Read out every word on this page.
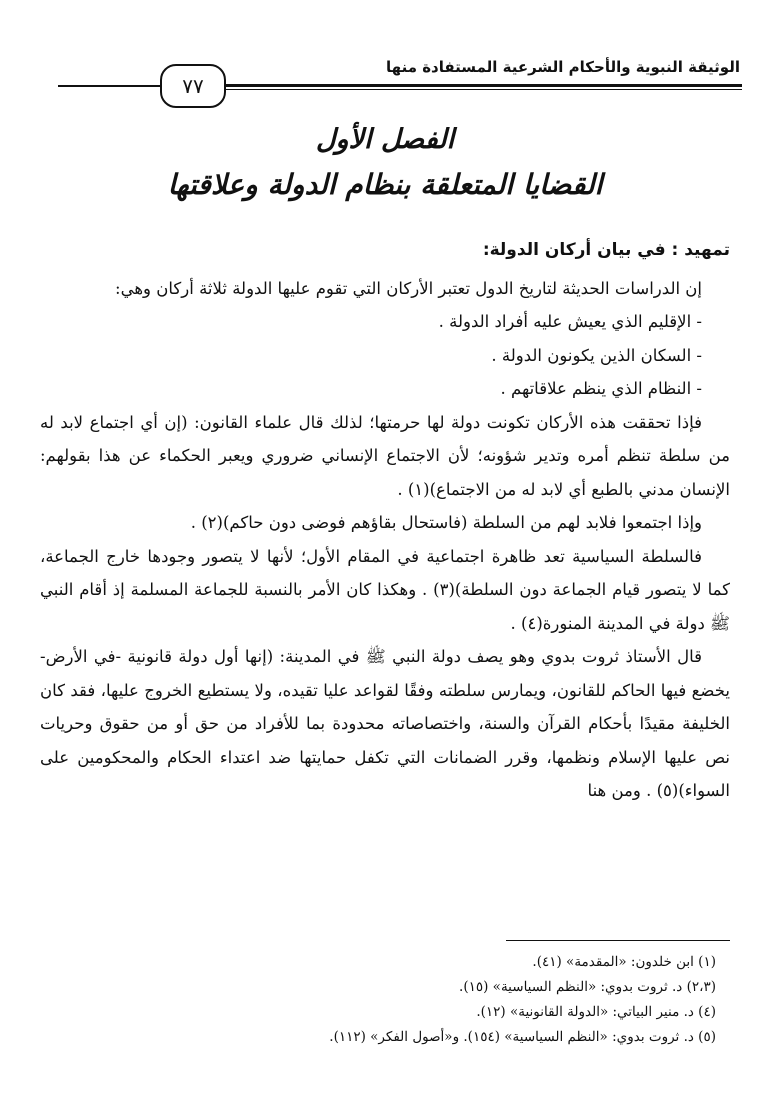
الوثيقة النبوية والأحكام الشرعية المستفادة منها
٧٧
الفصل الأول
القضايا المتعلقة بنظام الدولة وعلاقتها

تمهيد : في بيان أركان الدولة:

إن الدراسات الحديثة لتاريخ الدول تعتبر الأركان التي تقوم عليها الدولة ثلاثة أركان وهي:

- الإقليم الذي يعيش عليه أفراد الدولة .

- السكان الذين يكونون الدولة .

- النظام الذي ينظم علاقاتهم .

فإذا تحققت هذه الأركان تكونت دولة لها حرمتها؛ لذلك قال علماء القانون: (إن أي اجتماع لابد له من سلطة تنظم أمره وتدير شؤونه؛ لأن الاجتماع الإنساني ضروري ويعبر الحكماء عن هذا بقولهم: الإنسان مدني بالطبع أي لابد له من الاجتماع)(١) .

وإذا اجتمعوا فلابد لهم من السلطة (فاستحال بقاؤهم فوضى دون حاكم)(٢) .

فالسلطة السياسية تعد ظاهرة اجتماعية في المقام الأول؛ لأنها لا يتصور وجودها خارج الجماعة، كما لا يتصور قيام الجماعة دون السلطة)(٣) . وهكذا كان الأمر بالنسبة للجماعة المسلمة إذ أقام النبي ﷺ دولة في المدينة المنورة(٤) .

قال الأستاذ ثروت بدوي وهو يصف دولة النبي ﷺ في المدينة: (إنها أول دولة قانونية -في الأرض- يخضع فيها الحاكم للقانون، ويمارس سلطته وفقًا لقواعد عليا تقيده، ولا يستطيع الخروج عليها، فقد كان الخليفة مقيدًا بأحكام القرآن والسنة، واختصاصاته محدودة بما للأفراد من حق أو من حقوق وحريات نص عليها الإسلام ونظمها، وقرر الضمانات التي تكفل حمايتها ضد اعتداء الحكام والمحكومين على السواء)(٥) . ومن هنا

(١) ابن خلدون: «المقدمة» (٤١).

(٢،٣) د. ثروت بدوي: «النظم السياسية» (١٥).

(٤) د. منير البياتي: «الدولة القانونية» (١٢).

(٥) د. ثروت بدوي: «النظم السياسية» (١٥٤). و«أصول الفكر» (١١٢).
